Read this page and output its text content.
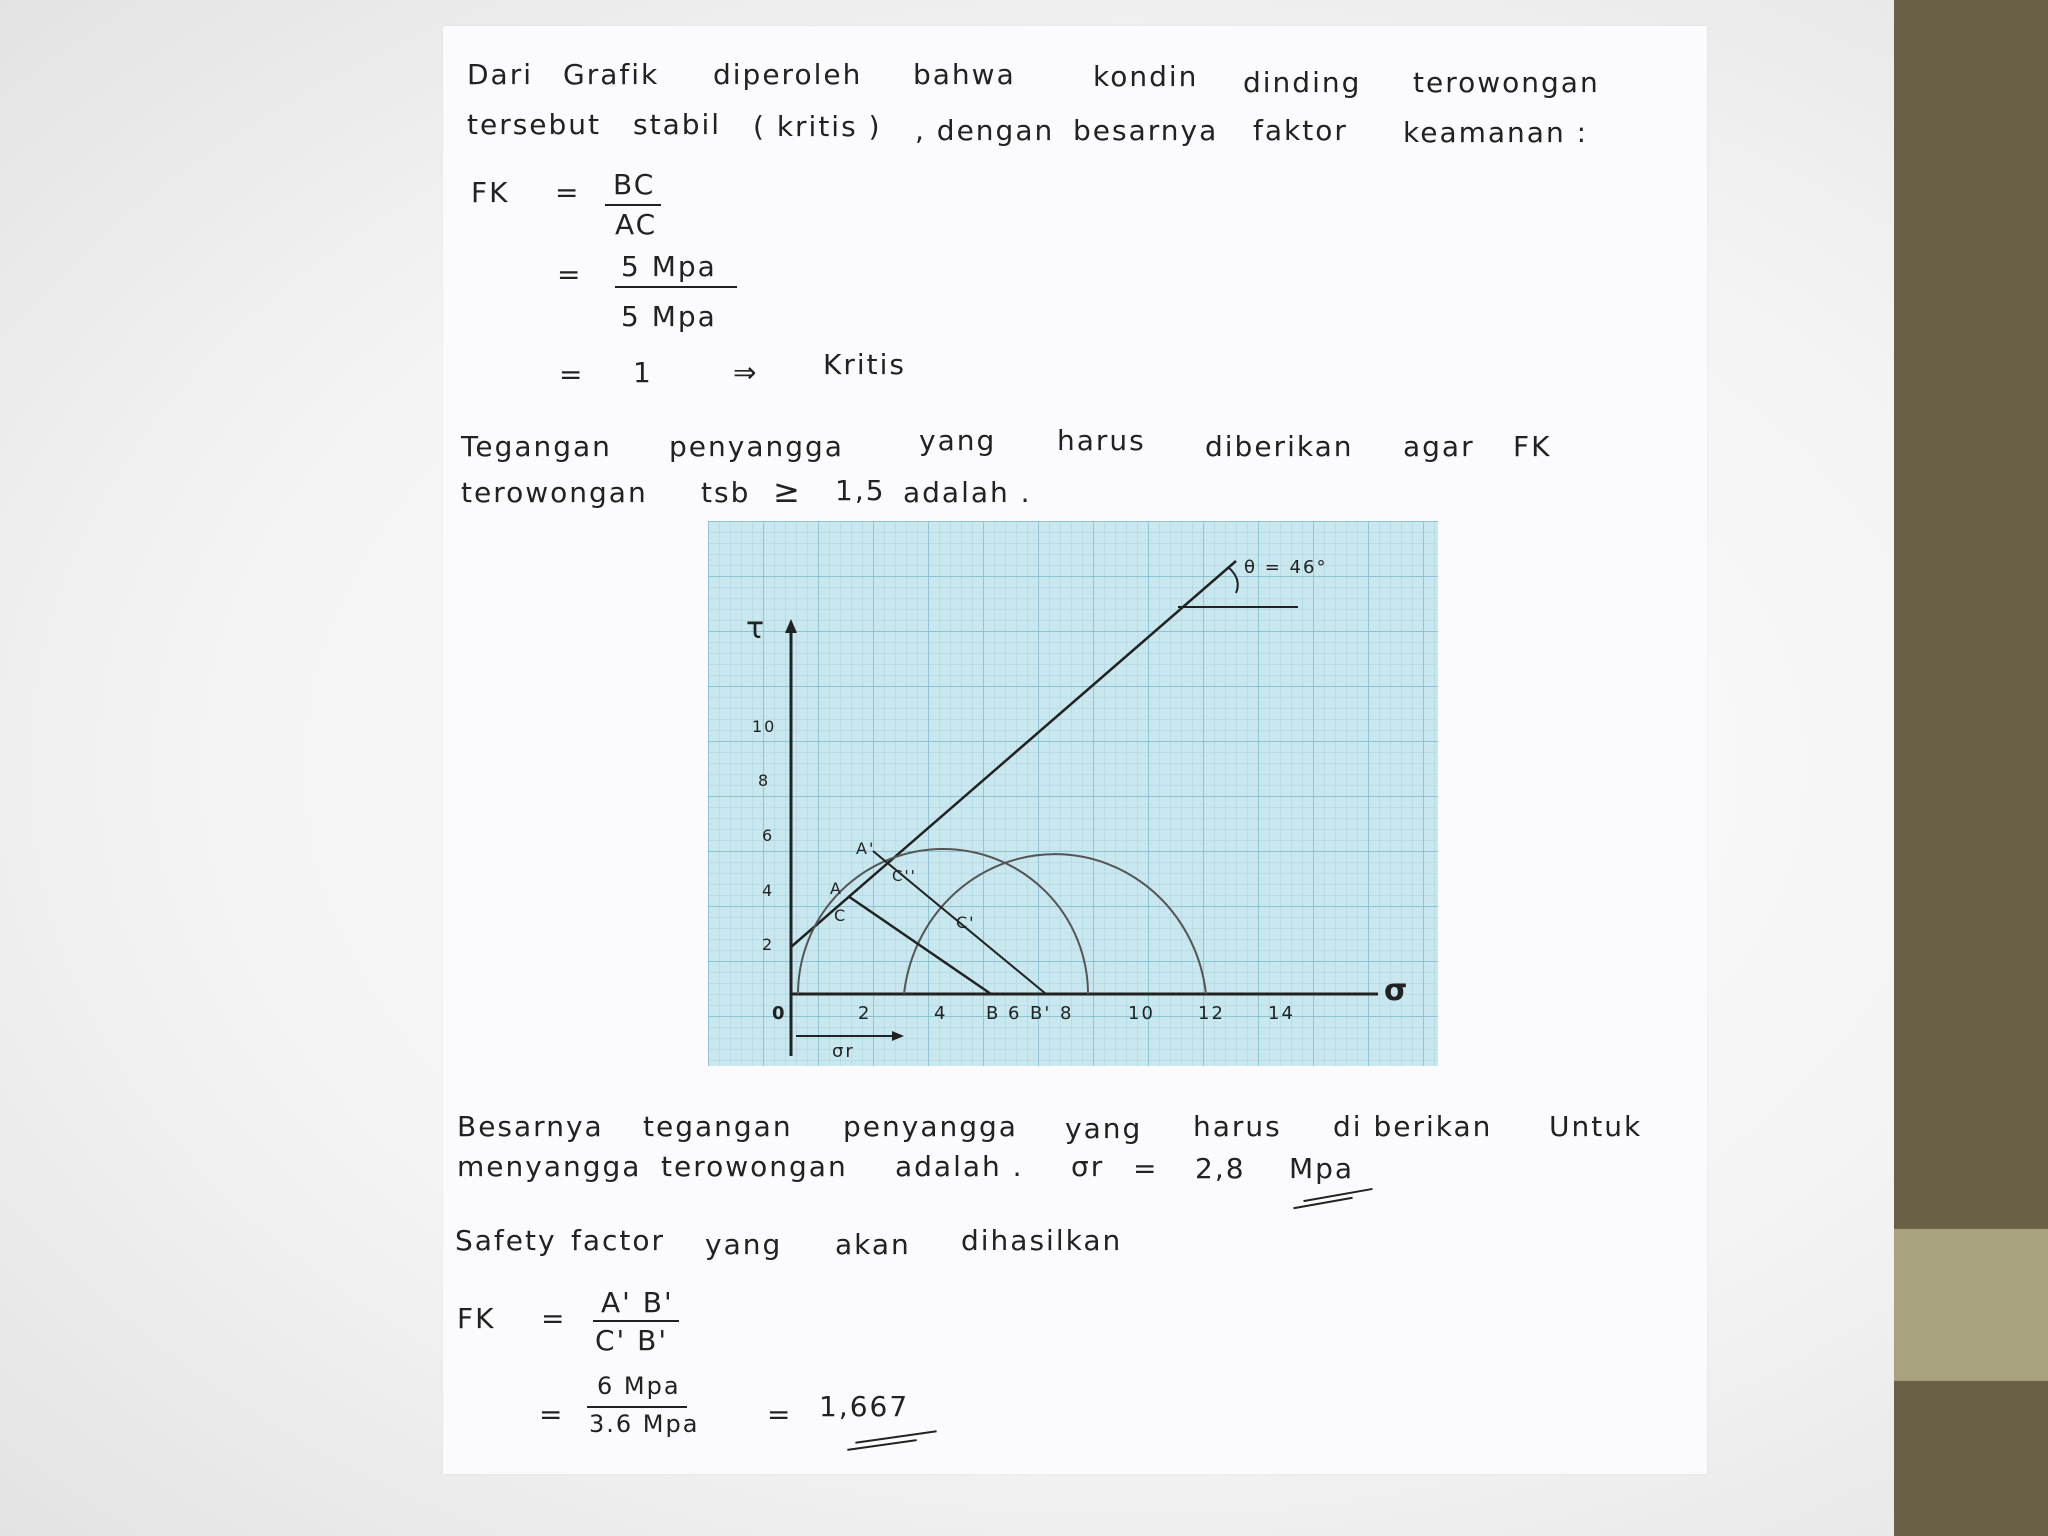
Dari Grafik diperoleh bahwa	kondin dinding terowongan
tersebut stabil ( kritis ) , dengan besarnya faktor keamanan :
FK = BC
AC
= 5 Mpa
5 Mpa
= 1	⇒ Kritis
Tegangan penyangga	yang harus diberikan agar FK
terowongan tsb ≥ 1,5 adalah .
τ
σ
2
4
6
8
10
0	2	4 B 6 B' 8	10 12 14
θ = 46°
A
C
A'
C''
C'
σr
Besarnya tegangan penyangga yang harus di berikan Untuk
menyangga terowongan adalah . σr = 2,8 Mpa
Safety factor yang akan dihasilkan
FK = A' B'
C' B'
=
6 Mpa
3.6 Mpa = 1,667
